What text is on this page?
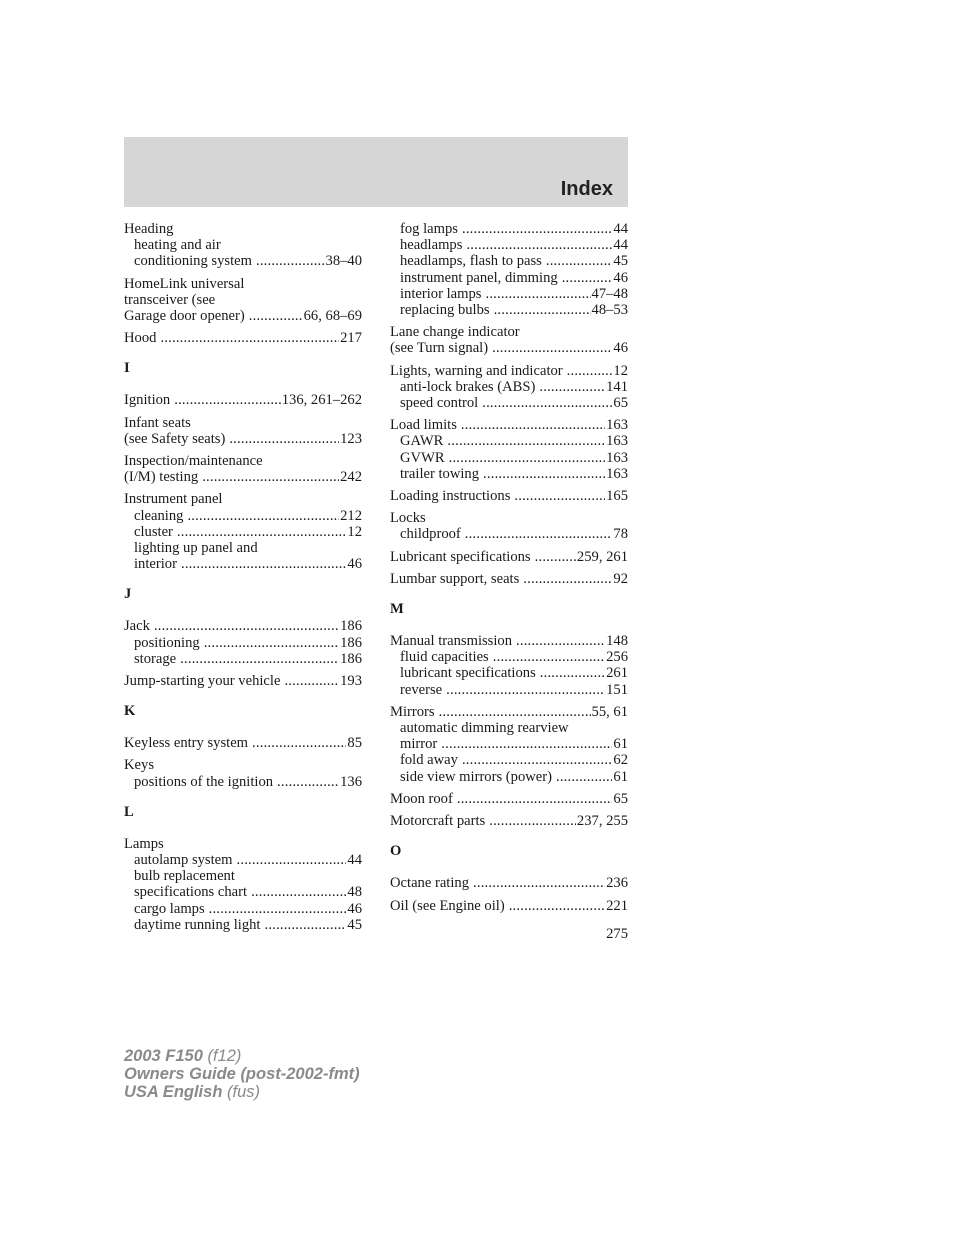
Index
Heading
heating and air
conditioning system .....	38–40
HomeLink universal
transceiver (see
Garage door opener) .....	66, 68–69
Hood .....	217
I
Ignition .....	136, 261–262
Infant seats
(see Safety seats) .....	123
Inspection/maintenance
(I/M) testing .....	242
Instrument panel
cleaning .....	212
cluster .....	12
lighting up panel and
interior .....	46
J
Jack .....	186
positioning .....	186
storage .....	186
Jump-starting your vehicle .....	193
K
Keyless entry system .....	85
Keys
positions of the ignition .....	136
L
Lamps
autolamp system .....	44
bulb replacement
specifications chart .....	48
cargo lamps .....	46
daytime running light .....	45
fog lamps .....	44
headlamps .....	44
headlamps, flash to pass .....	45
instrument panel, dimming .....	46
interior lamps .....	47–48
replacing bulbs .....	48–53
Lane change indicator
(see Turn signal) .....	46
Lights, warning and indicator .....	12
anti-lock brakes (ABS) .....	141
speed control .....	65
Load limits .....	163
GAWR .....	163
GVWR .....	163
trailer towing .....	163
Loading instructions .....	165
Locks
childproof .....	78
Lubricant specifications .....	259, 261
Lumbar support, seats .....	92
M
Manual transmission .....	148
fluid capacities .....	256
lubricant specifications .....	261
reverse .....	151
Mirrors .....	55, 61
automatic dimming rearview
mirror .....	61
fold away .....	62
side view mirrors (power) .....	61
Moon roof .....	65
Motorcraft parts .....	237, 255
O
Octane rating .....	236
Oil (see Engine oil) .....	221
275
2003 F150 (f12)
Owners Guide (post-2002-fmt)
USA English (fus)
